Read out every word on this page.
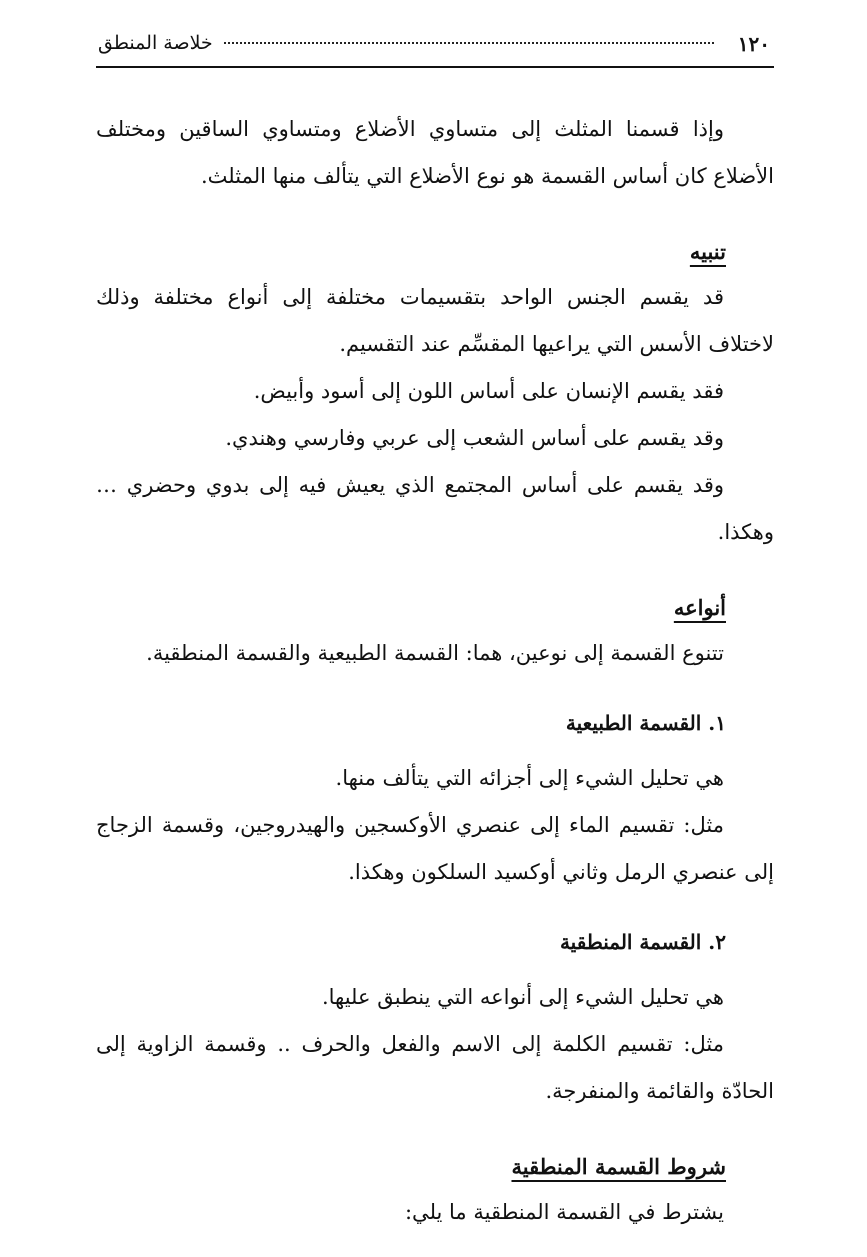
١٢٠
خلاصة المنطق

وإذا قسمنا المثلث إلى متساوي الأضلاع ومتساوي الساقين ومختلف الأضلاع كان أساس القسمة هو نوع الأضلاع التي يتألف منها المثلث.

تنبيه

قد يقسم الجنس الواحد بتقسيمات مختلفة إلى أنواع مختلفة وذلك لاختلاف الأسس التي يراعيها المقسِّم عند التقسيم.

فقد يقسم الإنسان على أساس اللون إلى أسود وأبيض.

وقد يقسم على أساس الشعب إلى عربي وفارسي وهندي.

وقد يقسم على أساس المجتمع الذي يعيش فيه إلى بدوي وحضري … وهكذا.

أنواعه

تتنوع القسمة إلى نوعين، هما: القسمة الطبيعية والقسمة المنطقية.

١. القسمة الطبيعية

هي تحليل الشيء إلى أجزائه التي يتألف منها.

مثل: تقسيم الماء إلى عنصري الأوكسجين والهيدروجين، وقسمة الزجاج إلى عنصري الرمل وثاني أوكسيد السلكون وهكذا.

٢. القسمة المنطقية

هي تحليل الشيء إلى أنواعه التي ينطبق عليها.

مثل: تقسيم الكلمة إلى الاسم والفعل والحرف .. وقسمة الزاوية إلى الحادّة والقائمة والمنفرجة.

شروط القسمة المنطقية

يشترط في القسمة المنطقية ما يلي:
